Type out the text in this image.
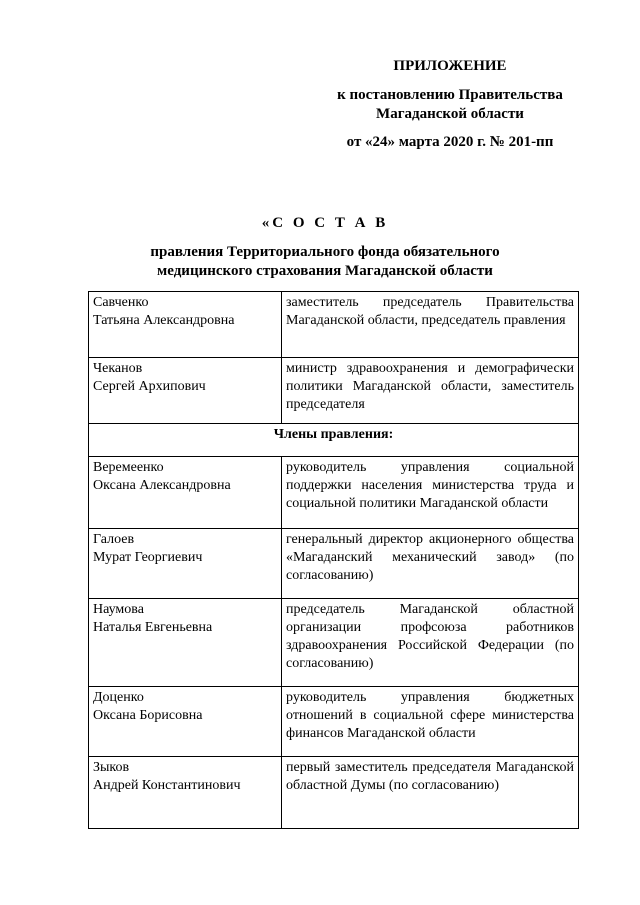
ПРИЛОЖЕНИЕ
к постановлению Правительства
Магаданской области
от «24» марта 2020 г. № 201-пп
«С О С Т А В
правления Территориального фонда обязательного
медицинского страхования Магаданской области
Савченко
Татьяна Александровна	заместитель председатель Правительства Магаданской области, председатель правления

Чеканов
Сергей Архипович	министр здравоохранения и демографически политики Магаданской области, заместитель председателя
Члены правления:	

Веремеенко
Оксана Александровна	руководитель управления социальной поддержки населения министерства труда и социальной политики Магаданской области

Галоев
Мурат Георгиевич	генеральный директор акционерного общества «Магаданский механический завод» (по согласованию)

Наумова
Наталья Евгеньевна	председатель Магаданской областной организации профсоюза работников здравоохранения Российской Федерации (по согласованию)

Доценко
Оксана Борисовна	руководитель управления бюджетных отношений в социальной сфере министерства финансов Магаданской области

Зыков
Андрей Константинович	первый заместитель председателя Магаданской областной Думы (по согласованию)
